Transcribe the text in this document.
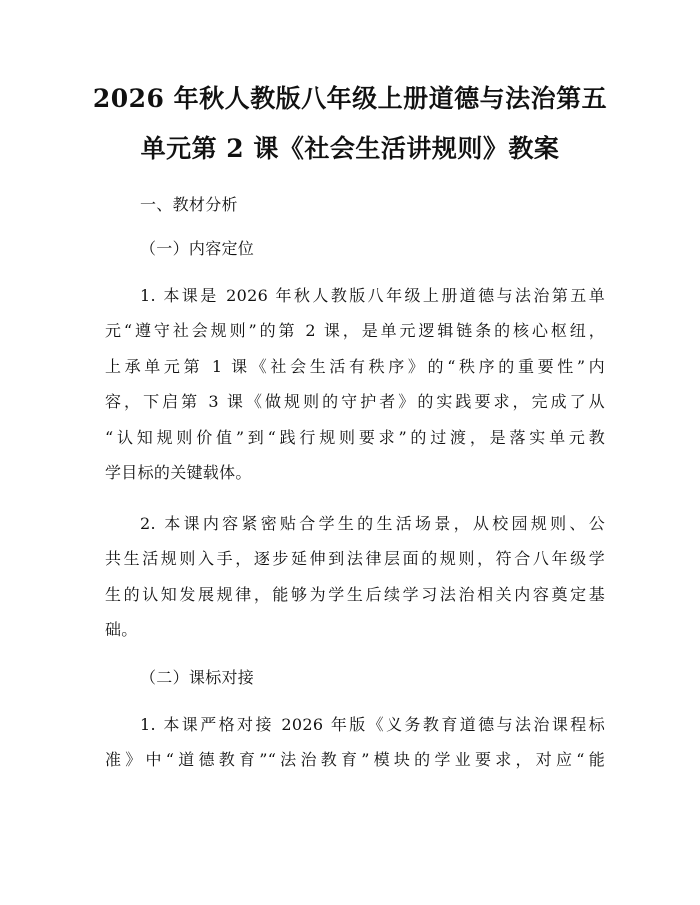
2026 年秋人教版八年级上册道德与法治第五
单元第 2 课《社会生活讲规则》教案
一、教材分析
（一）内容定位
1. 本课是 2026 年秋人教版八年级上册道德与法治第五单
元“遵守社会规则”的第 2 课，是单元逻辑链条的核心枢纽，
上承单元第 1 课《社会生活有秩序》的“秩序的重要性”内
容，下启第 3 课《做规则的守护者》的实践要求，完成了从
“认知规则价值”到“践行规则要求”的过渡，是落实单元教
学目标的关键载体。
2. 本课内容紧密贴合学生的生活场景，从校园规则、公
共生活规则入手，逐步延伸到法律层面的规则，符合八年级学
生的认知发展规律，能够为学生后续学习法治相关内容奠定基
础。
（二）课标对接
1. 本课严格对接 2026 年版《义务教育道德与法治课程标
准》中“道德教育”“法治教育”模块的学业要求，对应“能
